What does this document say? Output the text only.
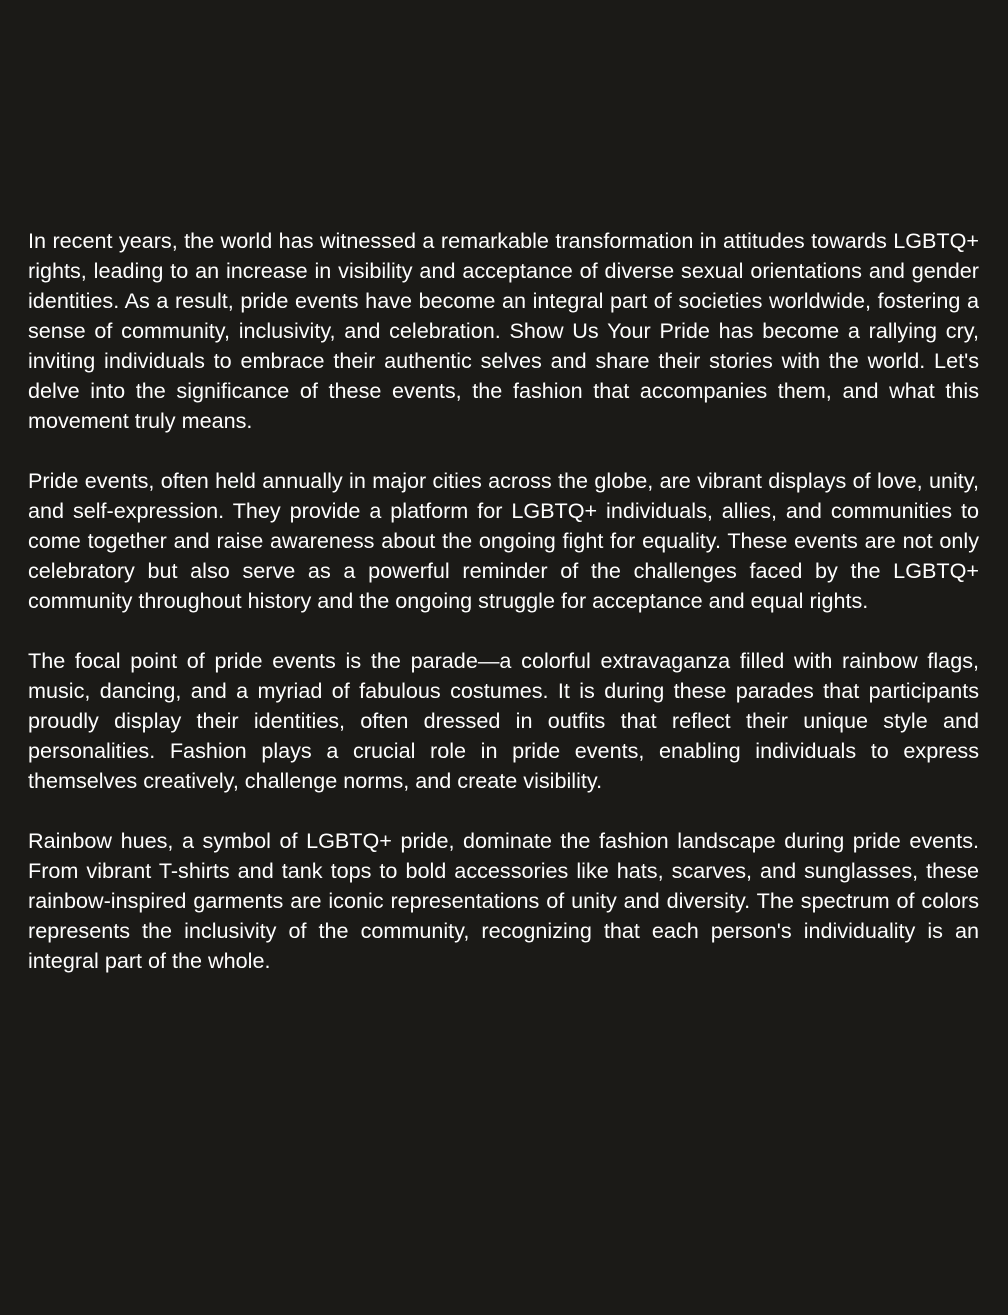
In recent years, the world has witnessed a remarkable transformation in attitudes towards LGBTQ+ rights, leading to an increase in visibility and acceptance of diverse sexual orientations and gender identities. As a result, pride events have become an integral part of societies worldwide, fostering a sense of community, inclusivity, and celebration. Show Us Your Pride has become a rallying cry, inviting individuals to embrace their authentic selves and share their stories with the world. Let's delve into the significance of these events, the fashion that accompanies them, and what this movement truly means.

Pride events, often held annually in major cities across the globe, are vibrant displays of love, unity, and self-expression. They provide a platform for LGBTQ+ individuals, allies, and communities to come together and raise awareness about the ongoing fight for equality. These events are not only celebratory but also serve as a powerful reminder of the challenges faced by the LGBTQ+ community throughout history and the ongoing struggle for acceptance and equal rights.

The focal point of pride events is the parade—a colorful extravaganza filled with rainbow flags, music, dancing, and a myriad of fabulous costumes. It is during these parades that participants proudly display their identities, often dressed in outfits that reflect their unique style and personalities. Fashion plays a crucial role in pride events, enabling individuals to express themselves creatively, challenge norms, and create visibility.

Rainbow hues, a symbol of LGBTQ+ pride, dominate the fashion landscape during pride events. From vibrant T-shirts and tank tops to bold accessories like hats, scarves, and sunglasses, these rainbow-inspired garments are iconic representations of unity and diversity. The spectrum of colors represents the inclusivity of the community, recognizing that each person's individuality is an integral part of the whole.
